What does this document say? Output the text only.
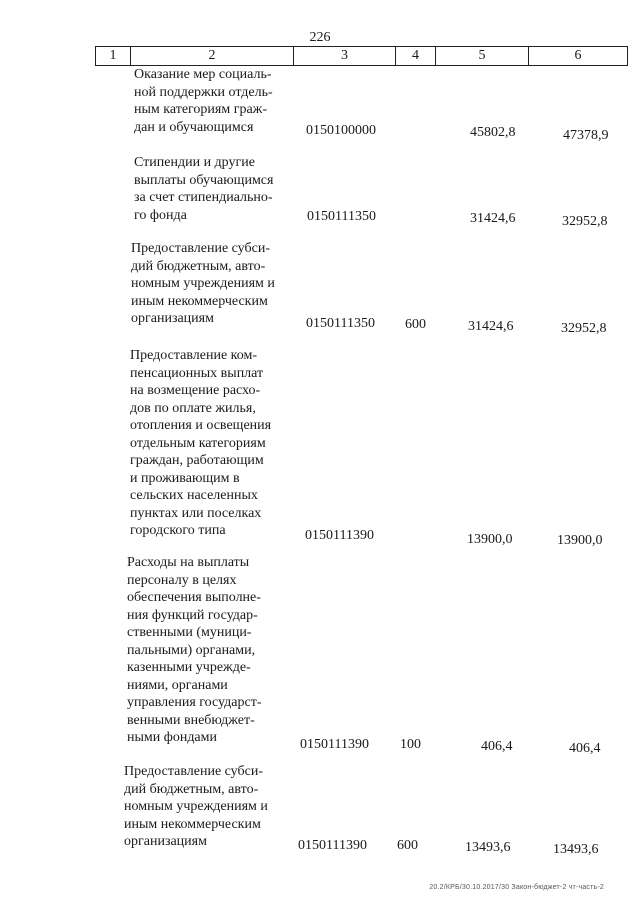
226
1	2	3	4	5	6
Оказание мер социаль-
ной поддержки отдель-
ным категориям граж-
дан и обучающимся	0150100000	45802,8	47378,9
Стипендии и другие
выплаты обучающимся
за счет стипендиально-
го фонда	0150111350	31424,6	32952,8
Предоставление субси-
дий бюджетным, авто-
номным учреждениям и
иным некоммерческим
организациям	0150111350 600	31424,6	32952,8
Предоставление ком-
пенсационных выплат
на возмещение расхо-
дов по оплате жилья,
отопления и освещения
отдельным категориям
граждан, работающим
и проживающим в
сельских населенных
пунктах или поселках
городского типа	0150111390	13900,0	13900,0
Расходы на выплаты
персоналу в целях
обеспечения выполне-
ния функций государ-
ственными (муници-
пальными) органами,
казенными учрежде-
ниями, органами
управления государст-
венными внебюджет-
ными фондами	0150111390 100	406,4	406,4
Предоставление субси-
дий бюджетным, авто-
номным учреждениям и
иным некоммерческим
организациям	0150111390 600	13493,6	13493,6
20.2/КРБ/30.10.2017/30 Закон-бюджет-2 чт-часть-2
